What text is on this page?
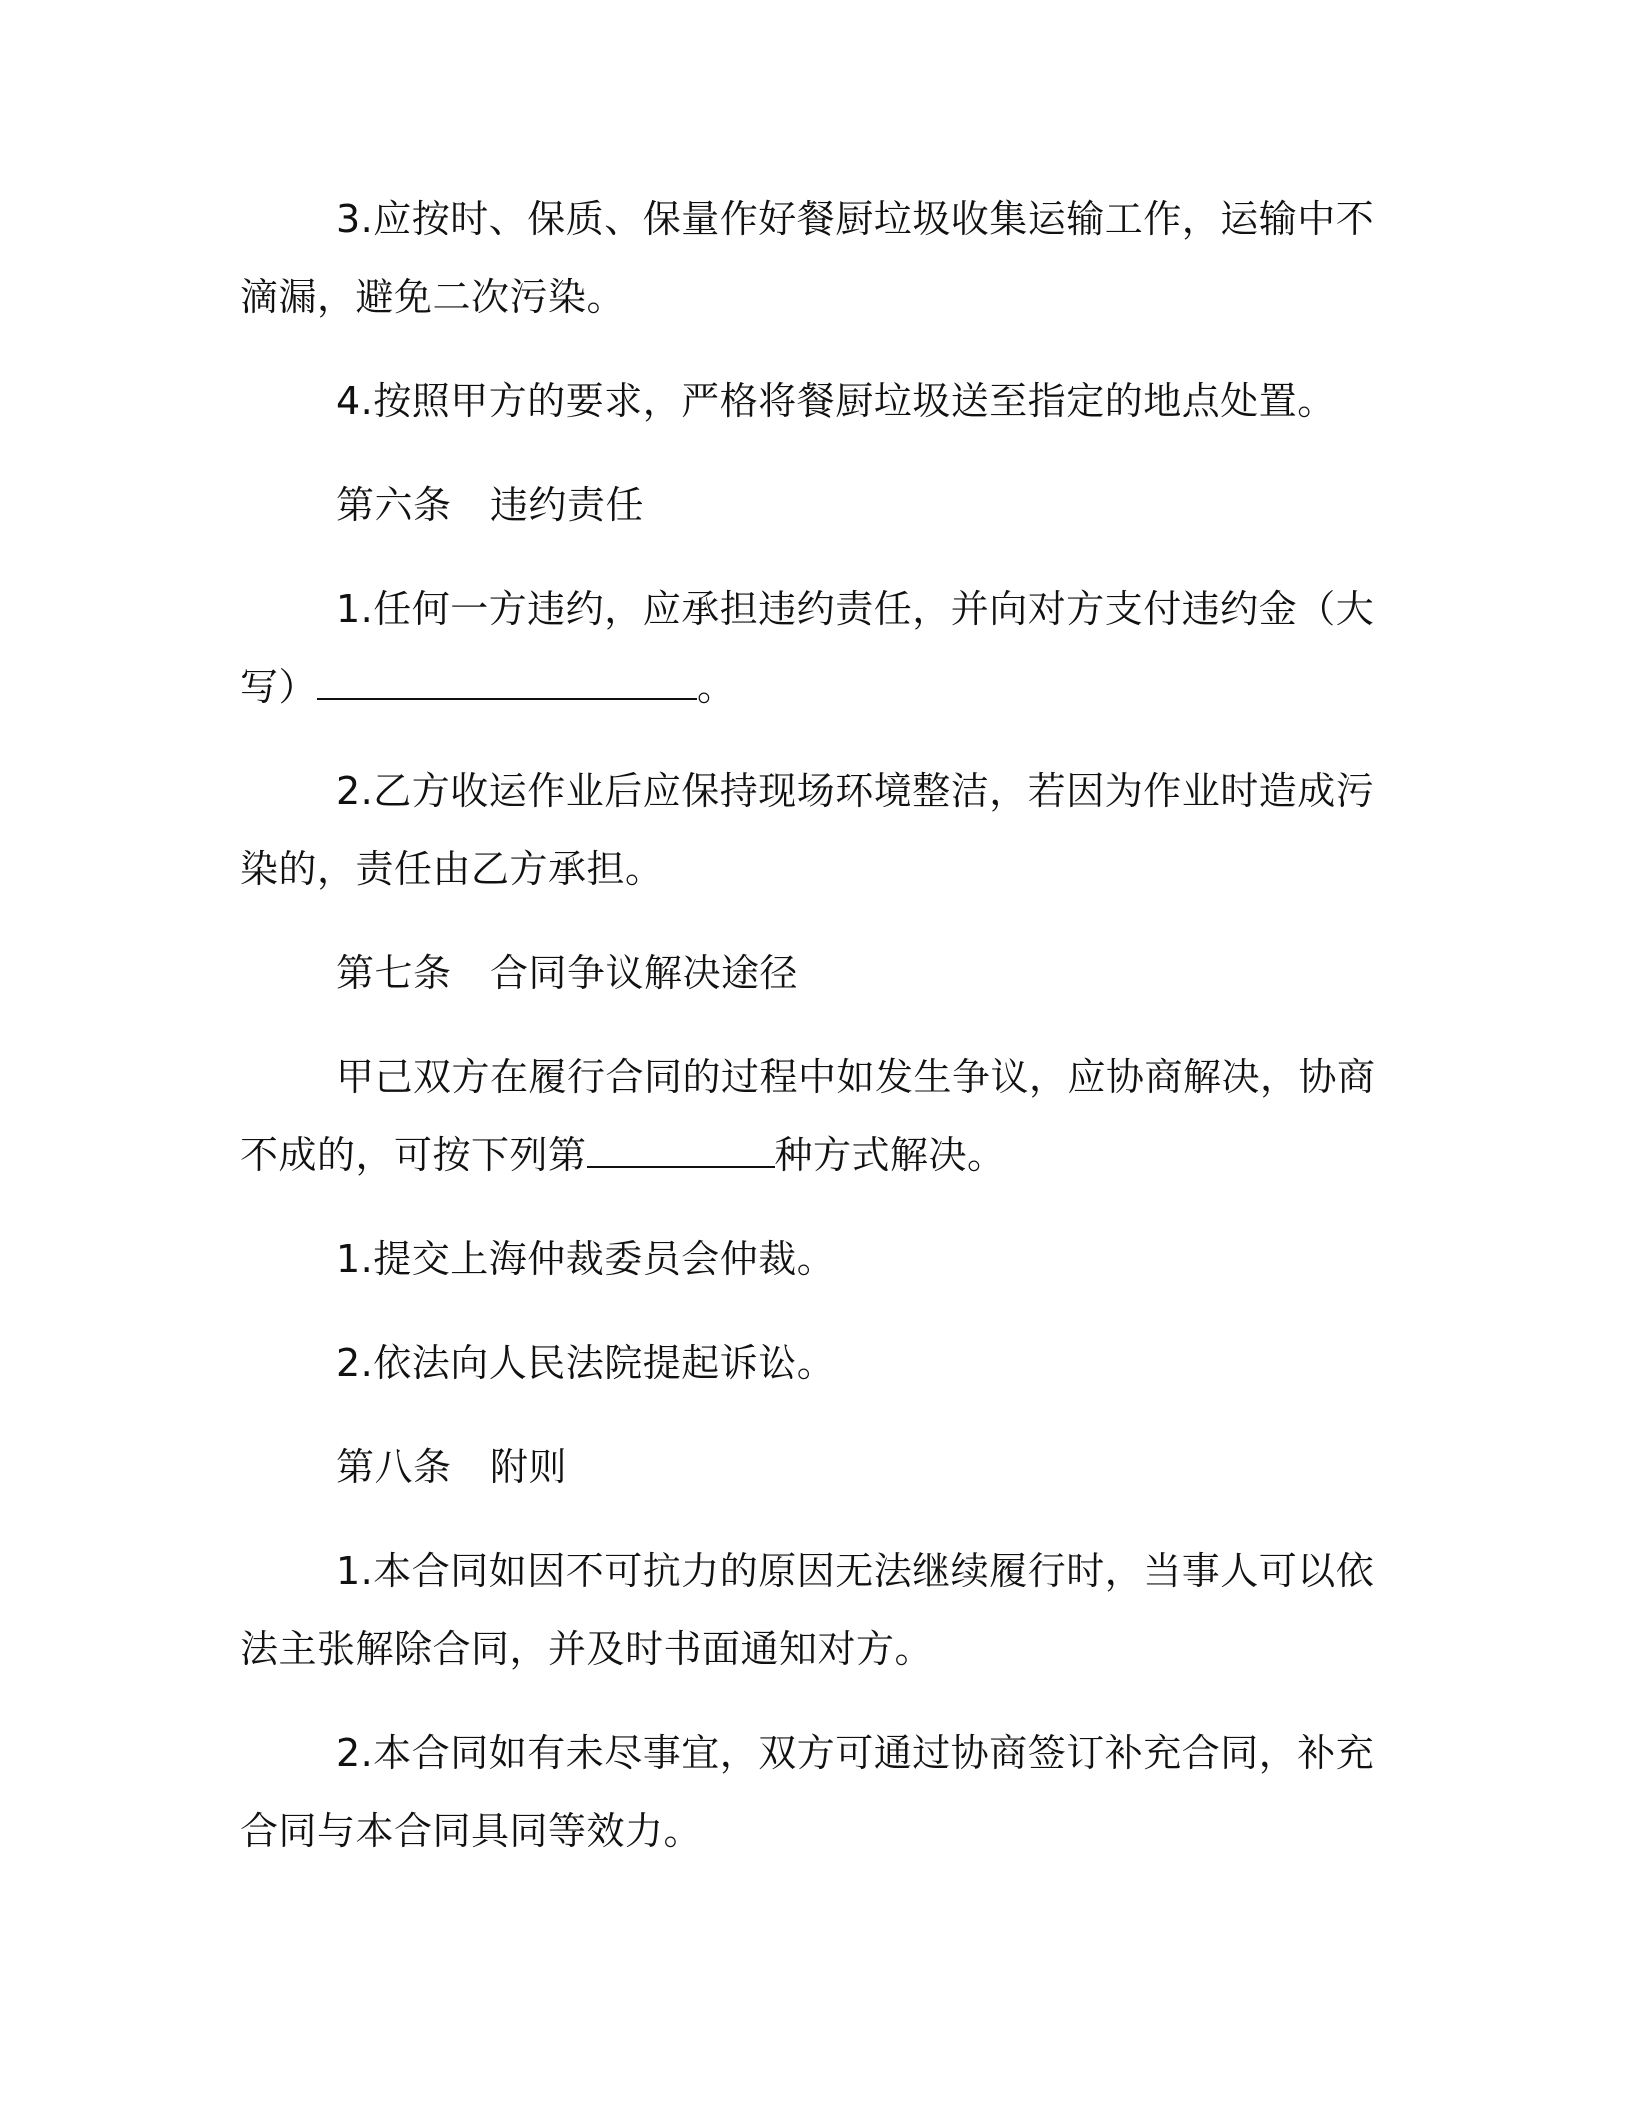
3.应按时、保质、保量作好餐厨垃圾收集运输工作，运输中不滴漏，避免二次污染。

4.按照甲方的要求，严格将餐厨垃圾送至指定的地点处置。

第六条　违约责任

1.任何一方违约，应承担违约责任，并向对方支付违约金（大写）	。

2.乙方收运作业后应保持现场环境整洁，若因为作业时造成污染的，责任由乙方承担。

第七条　合同争议解决途径

甲己双方在履行合同的过程中如发生争议，应协商解决，协商不成的，可按下列第	种方式解决。

1.提交上海仲裁委员会仲裁。

2.依法向人民法院提起诉讼。

第八条　附则

1.本合同如因不可抗力的原因无法继续履行时，当事人可以依法主张解除合同，并及时书面通知对方。

2.本合同如有未尽事宜，双方可通过协商签订补充合同，补充合同与本合同具同等效力。
